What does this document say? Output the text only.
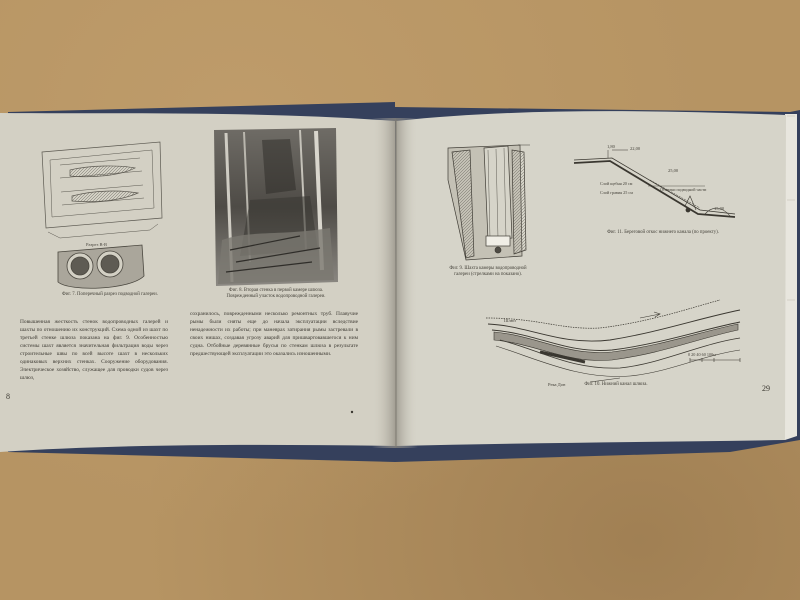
Разрез В-В
1,80	22,00
25,00
Отметки подводной части
Слой щебня 20 см
Слой гравия 25 см
15,00
Шлюз
Река Дон
0 20 40 60 100м
Фиг. 7. Поперечный разрез подводной галереи.
Фиг. 8. Вторая стенка в первой камере шлюза. Поврежденный участок водопроводной галереи.
Повышенная жесткость стенок водопроводных галерей и шахты по отношению их конструкций. Схема одной из шахт по третьей стенке шлюза показана на фиг. 9. Особенностью системы шахт является значительная фильтрация воды через строительные швы по всей высоте шахт в нескольких одинаковых верхних стенках. Сооружение оборудования. Электрическое хозяйство, служащее для проводки судов через шлюз,
сохранилось, поврежденными несколько ремонтных труб. Плавучие рымы были сняты еще до начала эксплуатации вследствие ненадежности их работы; при маневрах затирания рымы застревали в своих нишах, создавая угрозу аварий для пришвартовавшегося к ним судна. Отбойные деревянные брусья по стенкам шлюза в результате предшествующей эксплуатации это оказались изношенными.
8
Фиг. 9. Шахта камеры водопроводной галереи (стрелками на показано).
Фиг. 11. Береговой откос нижнего канала (по проекту).
Фиг. 10. Нижний канал шлюза.	29
